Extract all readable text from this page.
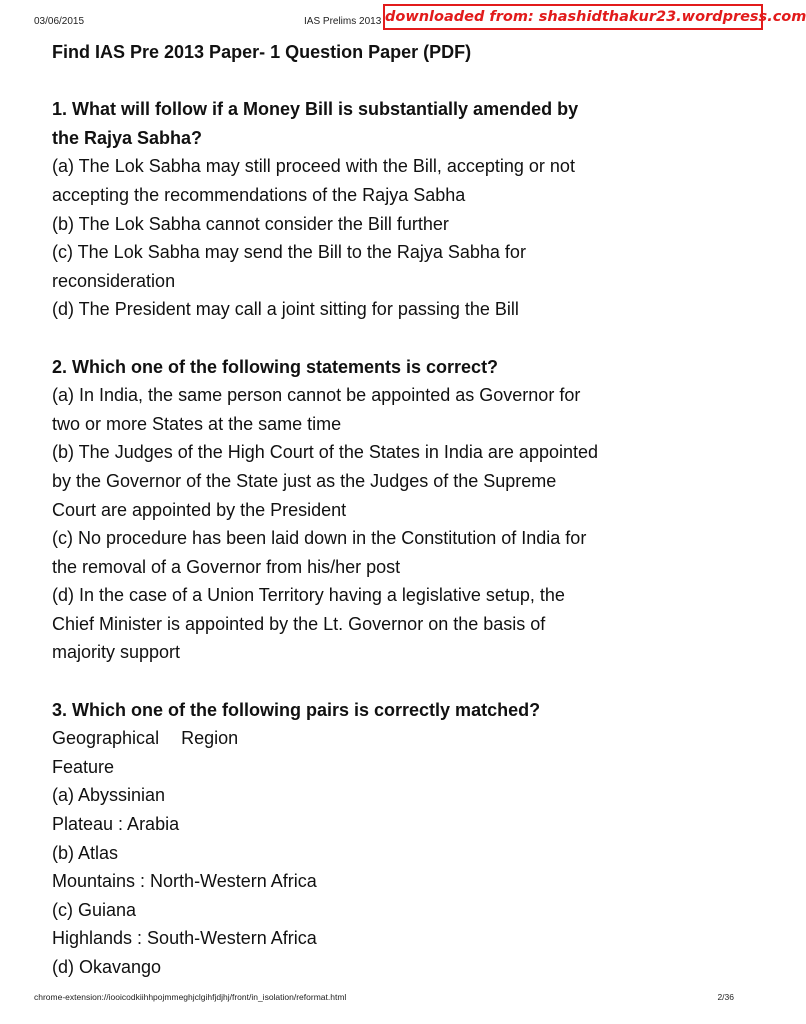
03/06/2015	IAS Prelims 2013 downloaded from: shashidthakur23.wordpress.com

Find IAS Pre 2013 Paper- 1 Question Paper (PDF)

1. What will follow if a Money Bill is substantially amended by

the Rajya Sabha?

(a) The Lok Sabha may still proceed with the Bill, accepting or not

accepting the recommendations of the Rajya Sabha

(b) The Lok Sabha cannot consider the Bill further

(c) The Lok Sabha may send the Bill to the Rajya Sabha for

reconsideration

(d) The President may call a joint sitting for passing the Bill

2. Which one of the following statements is correct?

(a) In India, the same person cannot be appointed as Governor for

two or more States at the same time

(b) The Judges of the High Court of the States in India are appointed

by the Governor of the State just as the Judges of the Supreme

Court are appointed by the President

(c) No procedure has been laid down in the Constitution of India for

the removal of a Governor from his/her post

(d) In the case of a Union Territory having a legislative setup, the

Chief Minister is appointed by the Lt. Governor on the basis of

majority support

3. Which one of the following pairs is correctly matched?

Geographical Region

Feature

(a) Abyssinian

Plateau : Arabia

(b) Atlas

Mountains : North-Western Africa

(c) Guiana

Highlands : South-Western Africa

(d) Okavango

chrome-extension://iooicodkiihhpojmmeghjclgihfjdjhj/front/in_isolation/reformat.html	2/36
